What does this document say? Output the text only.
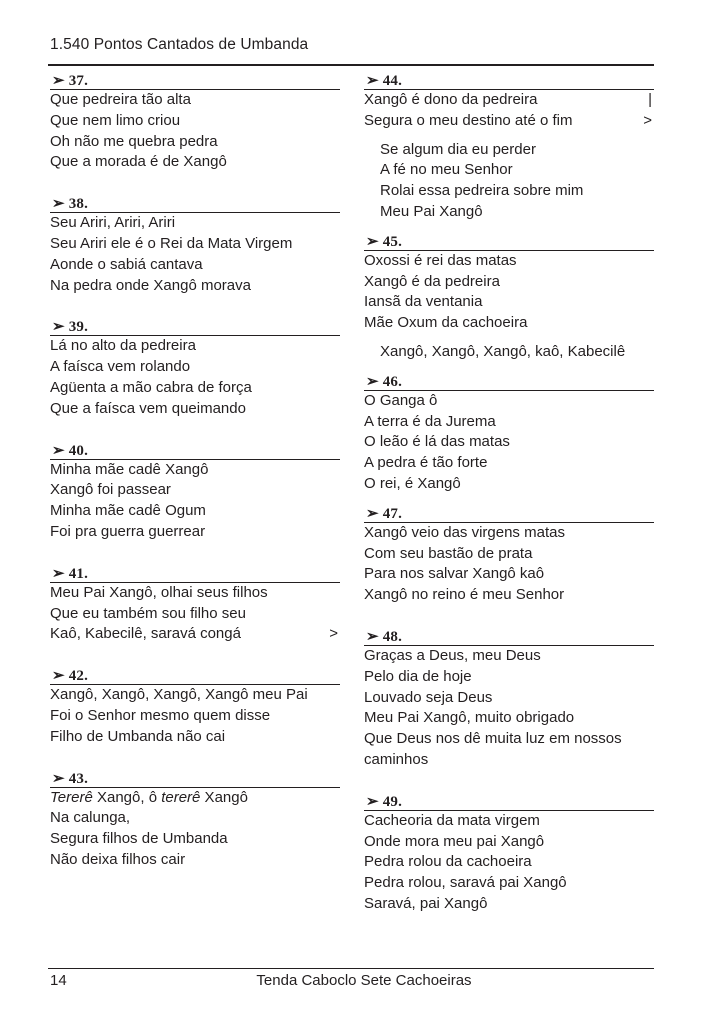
1.540 Pontos Cantados de Umbanda
➢ 37.
Que pedreira tão alta
Que nem limo criou
Oh não me quebra pedra
Que a morada é de Xangô
➢ 38.
Seu Ariri, Ariri, Ariri
Seu Ariri ele é o Rei da Mata Virgem
Aonde o sabiá cantava
Na pedra onde Xangô morava
➢ 39.
Lá no alto da pedreira
A faísca vem rolando
Agüenta a mão cabra de força
Que a faísca vem queimando
➢ 40.
Minha mãe cadê Xangô
Xangô foi passear
Minha mãe cadê Ogum
Foi pra guerra guerrear
➢ 41.
Meu Pai Xangô, olhai seus filhos
Que eu também sou filho seu
Kaô, Kabecilê, saravá congá	>
➢ 42.
Xangô, Xangô, Xangô, Xangô meu Pai
Foi o Senhor mesmo quem disse
Filho de Umbanda não cai
➢ 43.
Tererê Xangô, ô tererê Xangô
Na calunga,
Segura filhos de Umbanda
Não deixa filhos cair
➢ 44.
Xangô é dono da pedreira	|
Segura o meu destino até o fim	>
Se algum dia eu perder
A fé no meu Senhor
Rolai essa pedreira sobre mim
Meu Pai Xangô
➢ 45.
Oxossi é rei das matas
Xangô é da pedreira
Iansã da ventania
Mãe Oxum da cachoeira
Xangô, Xangô, Xangô, kaô, Kabecilê
➢ 46.
O Ganga ô
A terra é da Jurema
O leão é lá das matas
A pedra é tão forte
O rei, é Xangô
➢ 47.
Xangô veio das virgens matas
Com seu bastão de prata
Para nos salvar Xangô kaô
Xangô no reino é meu Senhor
➢ 48.
Graças a Deus, meu Deus
Pelo dia de hoje
Louvado seja Deus
Meu Pai Xangô, muito obrigado
Que Deus nos dê muita luz em nossos
caminhos
➢ 49.
Cacheoria da mata virgem
Onde mora meu pai Xangô
Pedra rolou da cachoeira
Pedra rolou, saravá pai Xangô
Saravá, pai Xangô
14	Tenda Caboclo Sete Cachoeiras
